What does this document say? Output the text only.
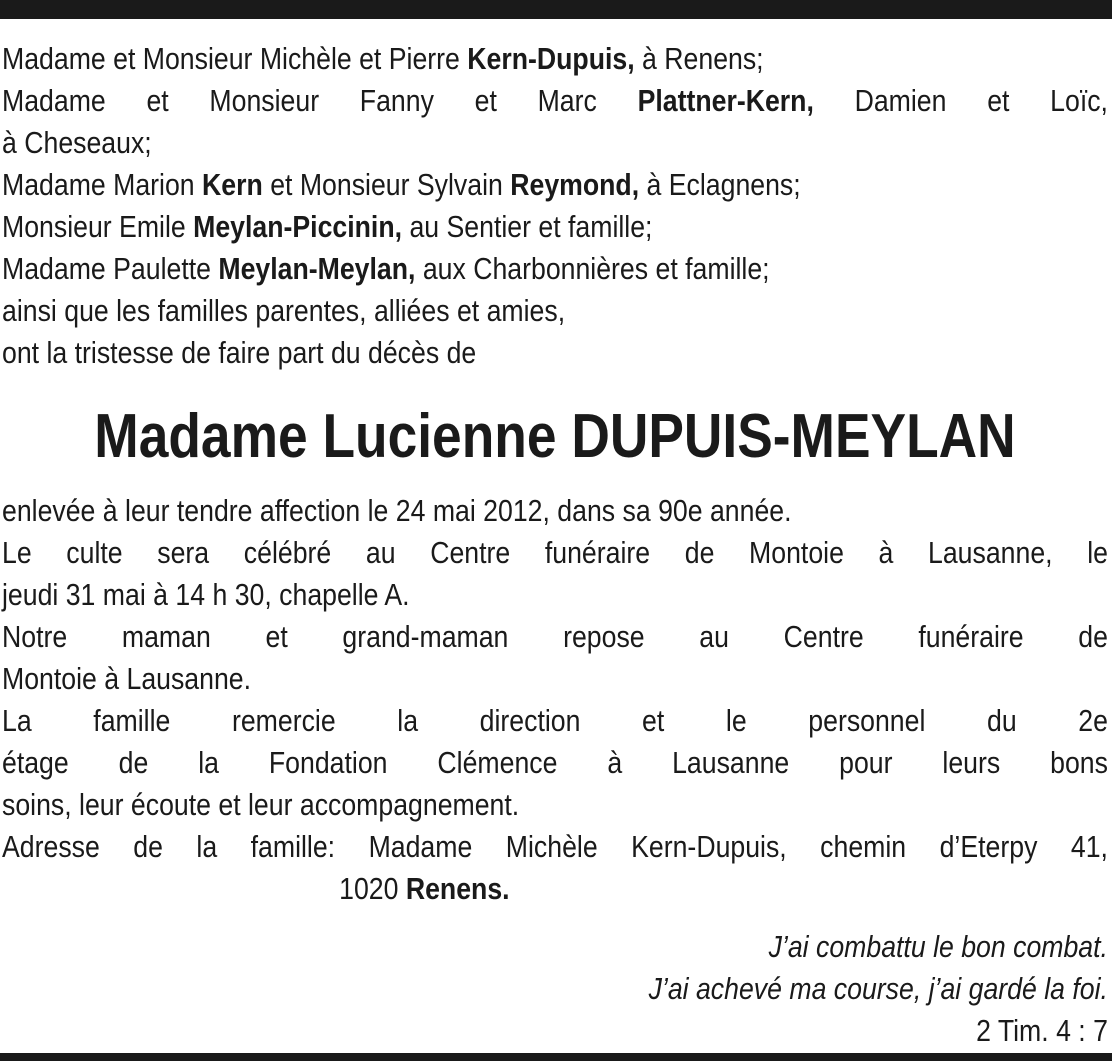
Madame et Monsieur Michèle et Pierre Kern-Dupuis, à Renens;
Madame et Monsieur Fanny et Marc Plattner-Kern, Damien et Loïc,
à Cheseaux;
Madame Marion Kern et Monsieur Sylvain Reymond, à Eclagnens;
Monsieur Emile Meylan-Piccinin, au Sentier et famille;
Madame Paulette Meylan-Meylan, aux Charbonnières et famille;
ainsi que les familles parentes, alliées et amies,
ont la tristesse de faire part du décès de
Madame Lucienne DUPUIS-MEYLAN
enlevée à leur tendre affection le 24 mai 2012, dans sa 90e année.
Le culte sera célébré au Centre funéraire de Montoie à Lausanne, le
jeudi 31 mai à 14 h 30, chapelle A.
Notre maman et grand-maman repose au Centre funéraire de
Montoie à Lausanne.
La famille remercie la direction et le personnel du 2e
étage de la Fondation Clémence à Lausanne pour leurs bons
soins, leur écoute et leur accompagnement.
Adresse de la famille: Madame Michèle Kern-Dupuis, chemin d’Eterpy 41,
1020 Renens.
J’ai combattu le bon combat.
J’ai achevé ma course, j’ai gardé la foi.
2 Tim. 4 : 7
